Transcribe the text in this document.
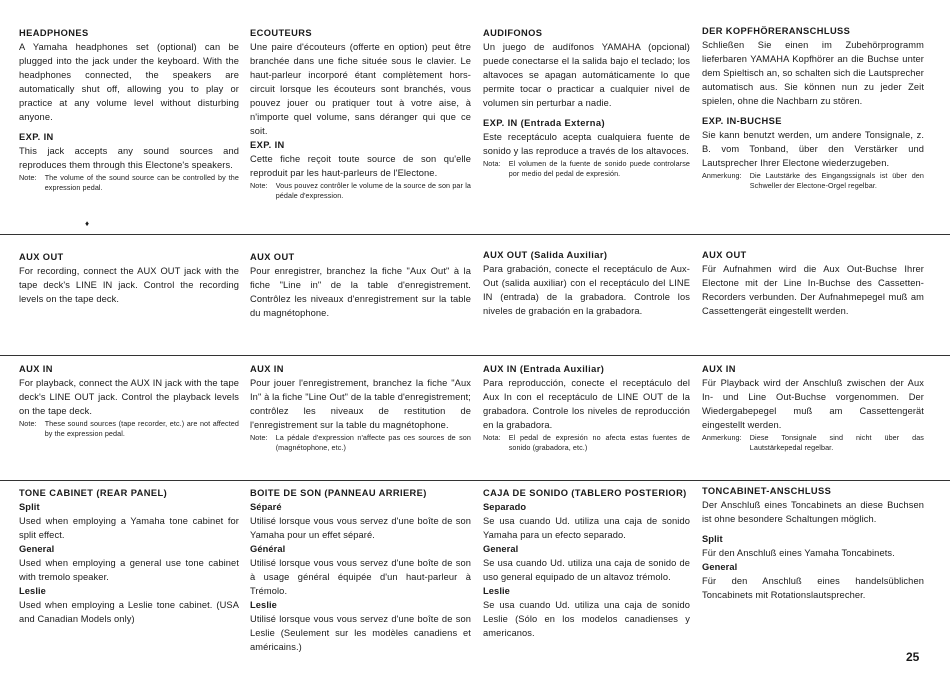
HEADPHONES
A Yamaha headphones set (optional) can be plugged into the jack under the keyboard. With the headphones connected, the speakers are automatically shut off, allowing you to play or practice at any volume level without disturbing anyone.
EXP. IN
This jack accepts any sound sources and reproduces them through this Electone's speakers.
Note: The volume of the sound source can be controlled by the expression pedal.
ECOUTEURS
Une paire d'écouteurs (offerte en option) peut être branchée dans une fiche située sous le clavier. Le haut-parleur incorporé étant complètement hors-circuit lorsque les écouteurs sont branchés, vous pouvez jouer ou pratiquer tout à votre aise, à n'importe quel volume, sans déranger qui que ce soit.
EXP. IN
Cette fiche reçoit toute source de son qu'elle reproduit par les haut-parleurs de l'Electone.
Note: Vous pouvez contrôler le volume de la source de son par la pédale d'expression.
AUDIFONOS
Un juego de audífonos YAMAHA (opcional) puede conectarse el la salida bajo el teclado; los altavoces se apagan automáticamente lo que permite tocar o practicar a cualquier nivel de volumen sin perturbar a nadie.
EXP. IN (Entrada Externa)
Este receptáculo acepta cualquiera fuente de sonido y las reproduce a través de los altavoces.
Nota: El volumen de la fuente de sonido puede controlarse por medio del pedal de expresión.
DER KOPFHÖRERANSCHLUSS
Schließen Sie einen im Zubehörprogramm lieferbaren YAMAHA Kopfhörer an die Buchse unter dem Spieltisch an, so schalten sich die Lautsprecher automatisch aus. Sie können nun zu jeder Zeit spielen, ohne die Nachbarn zu stören.
EXP. IN-BUCHSE
Sie kann benutzt werden, um andere Tonsignale, z. B. vom Tonband, über den Verstärker und Lautsprecher Ihrer Electone wiederzugeben.
Anmerkung: Die Lautstärke des Eingangssignals ist über den Schweller der Electone-Orgel regelbar.
♦
AUX OUT
For recording, connect the AUX OUT jack with the tape deck's LINE IN jack. Control the recording levels on the tape deck.
AUX OUT
Pour enregistrer, branchez la fiche "Aux Out" à la fiche "Line in" de la table d'enregistrement. Contrôlez les niveaux d'enregistrement sur la table du magnétophone.
AUX OUT (Salida Auxiliar)
Para grabación, conecte el receptáculo de Aux-Out (salida auxiliar) con el receptáculo del LINE IN (entrada) de la grabadora. Controle los niveles de grabación en la grabadora.
AUX OUT
Für Aufnahmen wird die Aux Out-Buchse Ihrer Electone mit der Line In-Buchse des Cassetten-Recorders verbunden. Der Aufnahmepegel muß am Cassettengerät eingestellt werden.
AUX IN
For playback, connect the AUX IN jack with the tape deck's LINE OUT jack. Control the playback levels on the tape deck.
Note: These sound sources (tape recorder, etc.) are not affected by the expression pedal.
AUX IN
Pour jouer l'enregistrement, branchez la fiche "Aux In" à la fiche "Line Out" de la table d'enregistrement; contrôlez les niveaux de restitution de l'enregistrement sur la table du magnétophone.
Note: La pédale d'expression n'affecte pas ces sources de son (magnétophone, etc.)
AUX IN (Entrada Auxiliar)
Para reproducción, conecte el receptáculo del Aux In con el receptáculo de LINE OUT de la grabadora. Controle los niveles de reproducción en la grabadora.
Nota: El pedal de expresión no afecta estas fuentes de sonido (grabadora, etc.)
AUX IN
Für Playback wird der Anschluß zwischen der Aux In- und Line Out-Buchse vorgenommen. Der Wiedergabepegel muß am Cassettengerät eingestellt werden.
Anmerkung: Diese Tonsignale sind nicht über das Lautstärkepedal regelbar.
TONE CABINET (REAR PANEL)
Split
Used when employing a Yamaha tone cabinet for split effect.
General
Used when employing a general use tone cabinet with tremolo speaker.
Leslie
Used when employing a Leslie tone cabinet. (USA and Canadian Models only)
BOITE DE SON (PANNEAU ARRIERE)
Séparé
Utilisé lorsque vous vous servez d'une boîte de son Yamaha pour un effet séparé.
Général
Utilisé lorsque vous vous servez d'une boîte de son à usage général équipée d'un haut-parleur à Trémolo.
Leslie
Utilisé lorsque vous vous servez d'une boîte de son Leslie (Seulement sur les modèles canadiens et américains.)
CAJA DE SONIDO (TABLERO POSTERIOR)
Separado
Se usa cuando Ud. utiliza una caja de sonido Yamaha para un efecto separado.
General
Se usa cuando Ud. utiliza una caja de sonido de uso general equipado de un altavoz trémolo.
Leslie
Se usa cuando Ud. utiliza una caja de sonido Leslie (Sólo en los modelos canadienses y americanos.
TONCABINET-ANSCHLUSS
Der Anschluß eines Toncabinets an diese Buchsen ist ohne besondere Schaltungen möglich.
Split
Für den Anschluß eines Yamaha Toncabinets.
General
Für den Anschluß eines handelsüblichen Toncabinets mit Rotationslautsprecher.
25
